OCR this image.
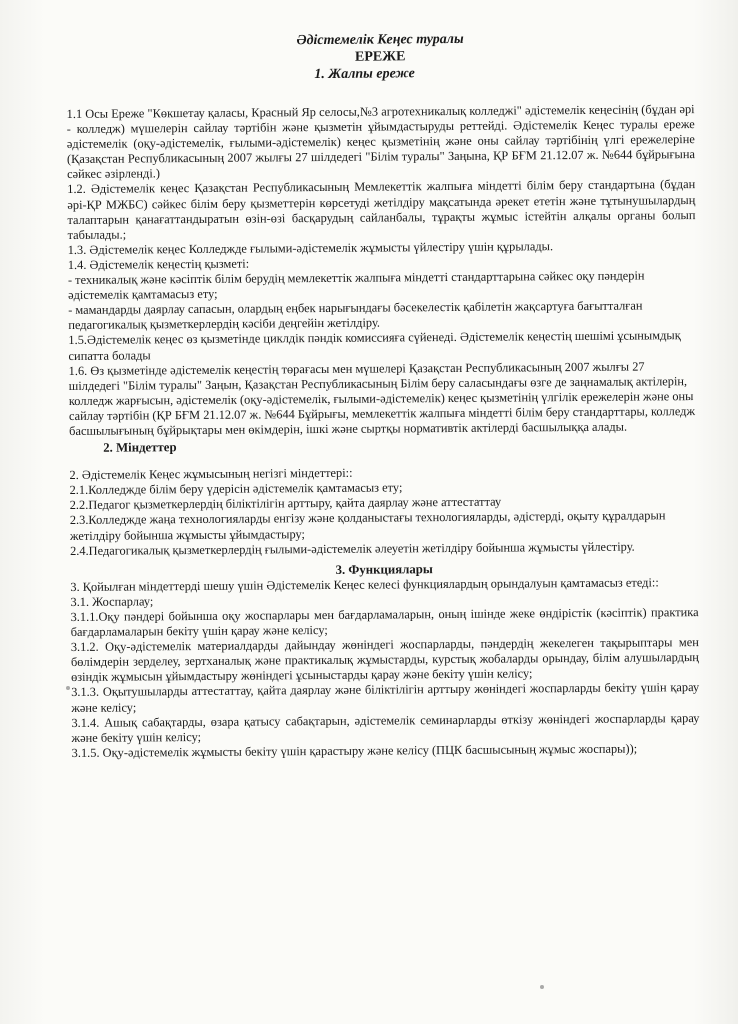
Әдістемелік Кеңес туралы

ЕРЕЖЕ

1. Жалпы ереже

1.1 Осы Ереже "Көкшетау қаласы, Красный Яр селосы,№3 агротехникалық колледжі" әдістемелік кеңесінің (бұдан әрі - колледж) мүшелерін сайлау тәртібін және қызметін ұйымдастыруды реттейді. Әдістемелік Кеңес туралы ереже әдістемелік (оқу-әдістемелік, ғылыми-әдістемелік) кеңес қызметінің және оны сайлау тәртібінің үлгі ережелеріне (Қазақстан Республикасының 2007 жылғы 27 шілдедегі "Білім туралы" Заңына, ҚР БҒМ 21.12.07 ж. №644 бұйрығына сәйкес әзірленді.)

1.2. Әдістемелік кеңес Қазақстан Республикасының Мемлекеттік жалпыға міндетті білім беру стандартына (бұдан әрі-ҚР МЖБС) сәйкес білім беру қызметтерін көрсетуді жетілдіру мақсатында әрекет ететін және тұтынушылардың талаптарын қанағаттандыратын өзін-өзі басқарудың сайланбалы, тұрақты жұмыс істейтін алқалы органы болып табылады.;

1.3. Әдістемелік кеңес Колледжде ғылыми-әдістемелік жұмысты үйлестіру үшін құрылады.

1.4. Әдістемелік кеңестің қызметі:

- техникалық және кәсіптік білім берудің мемлекеттік жалпыға міндетті стандарттарына сәйкес оқу пәндерін әдістемелік қамтамасыз ету;

- мамандарды даярлау сапасын, олардың еңбек нарығындағы бәсекелестік қабілетін жақсартуға бағытталған педагогикалық қызметкерлердің кәсіби деңгейін жетілдіру.

1.5.Әдістемелік кеңес өз қызметінде циклдік пәндік комиссияға сүйенеді. Әдістемелік кеңестің шешімі ұсынымдық сипатта болады

1.6. Өз қызметінде әдістемелік кеңестің төрағасы мен мүшелері Қазақстан Республикасының 2007 жылғы 27 шілдедегі "Білім туралы" Заңын, Қазақстан Республикасының Білім беру саласындағы өзге де заңнамалық актілерін, колледж жарғысын, әдістемелік (оқу-әдістемелік, ғылыми-әдістемелік) кеңес қызметінің үлгілік ережелерін және оны сайлау тәртібін (ҚР БҒМ 21.12.07 ж. №644 Бұйрығы, мемлекеттік жалпыға міндетті білім беру стандарттары, колледж басшылығының бұйрықтары мен өкімдерін, ішкі және сыртқы нормативтік актілерді басшылыққа алады.

2. Міндеттер

2. Әдістемелік Кеңес жұмысының негізгі міндеттері::

2.1.Колледжде білім беру үдерісін әдістемелік қамтамасыз ету;

2.2.Педагог қызметкерлердің біліктілігін арттыру, қайта даярлау және аттестаттау

2.3.Колледжде жаңа технологияларды енгізу және қолданыстағы технологияларды, әдістерді, оқыту құралдарын жетілдіру бойынша жұмысты ұйымдастыру;

2.4.Педагогикалық қызметкерлердің ғылыми-әдістемелік әлеуетін жетілдіру бойынша жұмысты үйлестіру.

3. Функциялары

3. Қойылған міндеттерді шешу үшін Әдістемелік Кеңес келесі функциялардың орындалуын қамтамасыз етеді::

3.1. Жоспарлау;

3.1.1.Оқу пәндері бойынша оқу жоспарлары мен бағдарламаларын, оның ішінде жеке өндірістік (кәсіптік) практика бағдарламаларын бекіту үшін қарау және келісу;

3.1.2. Оқу-әдістемелік материалдарды дайындау жөніндегі жоспарларды, пәндердің жекелеген тақырыптары мен бөлімдерін зерделеу, зертханалық және практикалық жұмыстарды, курстық жобаларды орындау, білім алушылардың өзіндік жұмысын ұйымдастыру жөніндегі ұсыныстарды қарау және бекіту үшін келісу;

3.1.3. Оқытушыларды аттестаттау, қайта даярлау және біліктілігін арттыру жөніндегі жоспарларды бекіту үшін қарау және келісу;

3.1.4. Ашық сабақтарды, өзара қатысу сабақтарын, әдістемелік семинарларды өткізу жөніндегі жоспарларды қарау және бекіту үшін келісу;

3.1.5. Оқу-әдістемелік жұмысты бекіту үшін қарастыру және келісу (ПЦК басшысының жұмыс жоспары));
